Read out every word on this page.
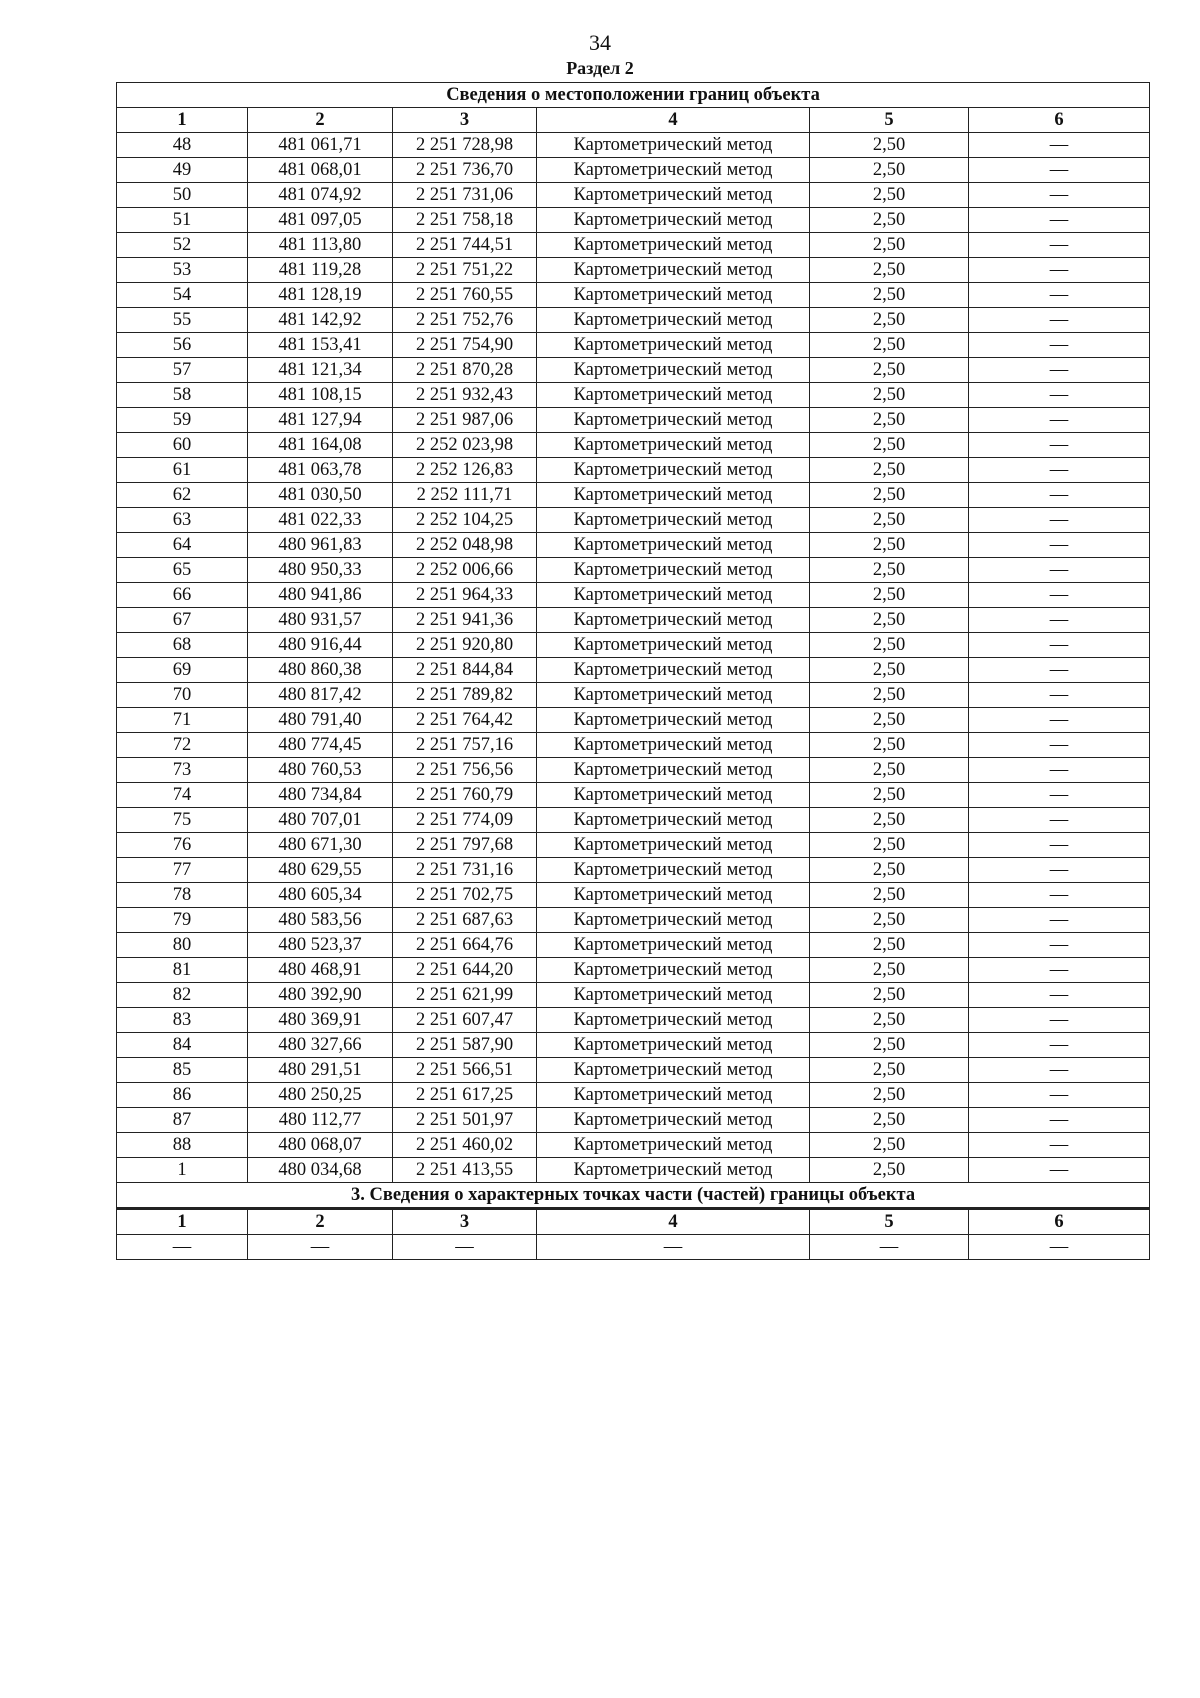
34
Раздел 2
Сведения о местоположении границ объекта					
1	2	3	4	5	6
48	481 061,71	2 251 728,98	Картометрический метод	2,50	—
49	481 068,01	2 251 736,70	Картометрический метод	2,50	—
50	481 074,92	2 251 731,06	Картометрический метод	2,50	—
51	481 097,05	2 251 758,18	Картометрический метод	2,50	—
52	481 113,80	2 251 744,51	Картометрический метод	2,50	—
53	481 119,28	2 251 751,22	Картометрический метод	2,50	—
54	481 128,19	2 251 760,55	Картометрический метод	2,50	—
55	481 142,92	2 251 752,76	Картометрический метод	2,50	—
56	481 153,41	2 251 754,90	Картометрический метод	2,50	—
57	481 121,34	2 251 870,28	Картометрический метод	2,50	—
58	481 108,15	2 251 932,43	Картометрический метод	2,50	—
59	481 127,94	2 251 987,06	Картометрический метод	2,50	—
60	481 164,08	2 252 023,98	Картометрический метод	2,50	—
61	481 063,78	2 252 126,83	Картометрический метод	2,50	—
62	481 030,50	2 252 111,71	Картометрический метод	2,50	—
63	481 022,33	2 252 104,25	Картометрический метод	2,50	—
64	480 961,83	2 252 048,98	Картометрический метод	2,50	—
65	480 950,33	2 252 006,66	Картометрический метод	2,50	—
66	480 941,86	2 251 964,33	Картометрический метод	2,50	—
67	480 931,57	2 251 941,36	Картометрический метод	2,50	—
68	480 916,44	2 251 920,80	Картометрический метод	2,50	—
69	480 860,38	2 251 844,84	Картометрический метод	2,50	—
70	480 817,42	2 251 789,82	Картометрический метод	2,50	—
71	480 791,40	2 251 764,42	Картометрический метод	2,50	—
72	480 774,45	2 251 757,16	Картометрический метод	2,50	—
73	480 760,53	2 251 756,56	Картометрический метод	2,50	—
74	480 734,84	2 251 760,79	Картометрический метод	2,50	—
75	480 707,01	2 251 774,09	Картометрический метод	2,50	—
76	480 671,30	2 251 797,68	Картометрический метод	2,50	—
77	480 629,55	2 251 731,16	Картометрический метод	2,50	—
78	480 605,34	2 251 702,75	Картометрический метод	2,50	—
79	480 583,56	2 251 687,63	Картометрический метод	2,50	—
80	480 523,37	2 251 664,76	Картометрический метод	2,50	—
81	480 468,91	2 251 644,20	Картометрический метод	2,50	—
82	480 392,90	2 251 621,99	Картометрический метод	2,50	—
83	480 369,91	2 251 607,47	Картометрический метод	2,50	—
84	480 327,66	2 251 587,90	Картометрический метод	2,50	—
85	480 291,51	2 251 566,51	Картометрический метод	2,50	—
86	480 250,25	2 251 617,25	Картометрический метод	2,50	—
87	480 112,77	2 251 501,97	Картометрический метод	2,50	—
88	480 068,07	2 251 460,02	Картометрический метод	2,50	—
1	480 034,68	2 251 413,55	Картометрический метод	2,50	—
3. Сведения о характерных точках части (частей) границы объекта					
1	2	3	4	5	6
—	—	—	—	—	—
